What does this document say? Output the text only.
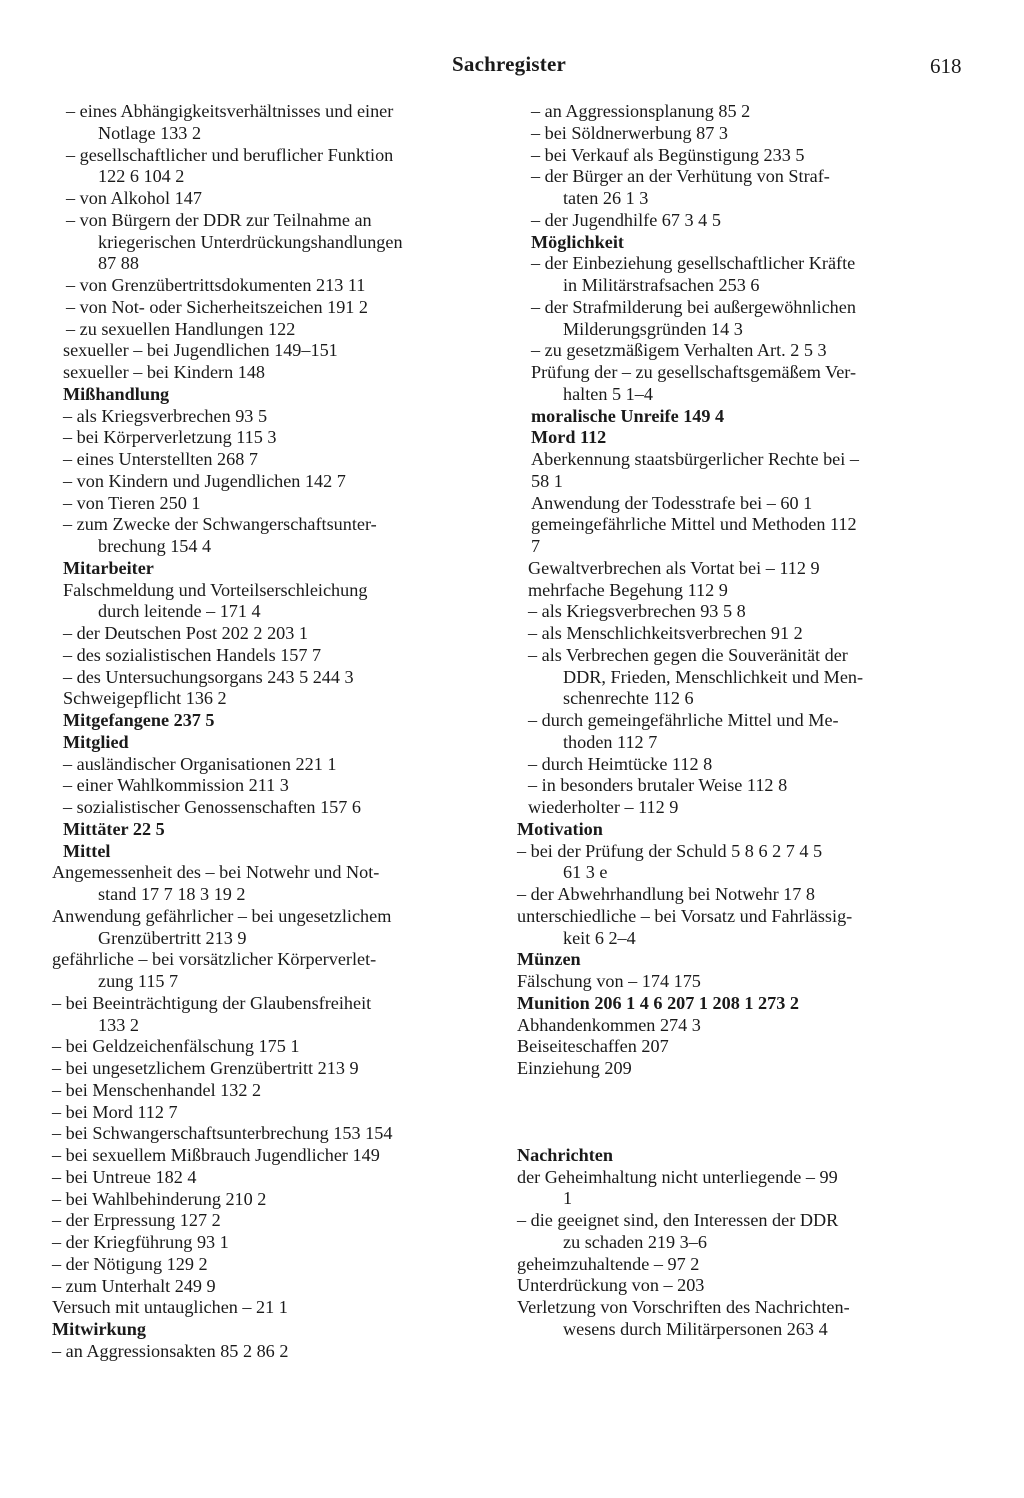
Sachregister	618
– eines Abhängigkeitsverhältnisses und einer
Notlage 133 2
– gesellschaftlicher und beruflicher Funktion
122 6 104 2
– von Alkohol 147
– von Bürgern der DDR zur Teilnahme an
kriegerischen Unterdrückungshandlungen
87 88
– von Grenzübertrittsdokumenten 213 11
– von Not- oder Sicherheitszeichen 191 2
– zu sexuellen Handlungen 122
sexueller – bei Jugendlichen 149–151
sexueller – bei Kindern 148
Mißhandlung
– als Kriegsverbrechen 93 5
– bei Körperverletzung 115 3
– eines Unterstellten 268 7
– von Kindern und Jugendlichen 142 7
– von Tieren 250 1
– zum Zwecke der Schwangerschaftsunter-
brechung 154 4
Mitarbeiter
Falschmeldung und Vorteilserschleichung
durch leitende – 171 4
– der Deutschen Post 202 2 203 1
– des sozialistischen Handels 157 7
– des Untersuchungsorgans 243 5 244 3
Schweigepflicht 136 2
Mitgefangene 237 5
Mitglied
– ausländischer Organisationen 221 1
– einer Wahlkommission 211 3
– sozialistischer Genossenschaften 157 6
Mittäter 22 5
Mittel
Angemessenheit des – bei Notwehr und Not-
stand 17 7 18 3 19 2
Anwendung gefährlicher – bei ungesetzlichem
Grenzübertritt 213 9
gefährliche – bei vorsätzlicher Körperverlet-
zung 115 7
– bei Beeinträchtigung der Glaubensfreiheit
133 2
– bei Geldzeichenfälschung 175 1
– bei ungesetzlichem Grenzübertritt 213 9
– bei Menschenhandel 132 2
– bei Mord 112 7
– bei Schwangerschaftsunterbrechung 153 154
– bei sexuellem Mißbrauch Jugendlicher 149
– bei Untreue 182 4
– bei Wahlbehinderung 210 2
– der Erpressung 127 2
– der Kriegführung 93 1
– der Nötigung 129 2
– zum Unterhalt 249 9
Versuch mit untauglichen – 21 1
Mitwirkung
– an Aggressionsakten 85 2 86 2
– an Aggressionsplanung 85 2
– bei Söldnerwerbung 87 3
– bei Verkauf als Begünstigung 233 5
– der Bürger an der Verhütung von Straf-
taten 26 1 3
– der Jugendhilfe 67 3 4 5
Möglichkeit
– der Einbeziehung gesellschaftlicher Kräfte
in Militärstrafsachen 253 6
– der Strafmilderung bei außergewöhnlichen
Milderungsgründen 14 3
– zu gesetzmäßigem Verhalten Art. 2 5 3
Prüfung der – zu gesellschaftsgemäßem Ver-
halten 5 1–4
moralische Unreife 149 4
Mord 112
Aberkennung staatsbürgerlicher Rechte bei –
58 1
Anwendung der Todesstrafe bei – 60 1
gemeingefährliche Mittel und Methoden 112
7
Gewaltverbrechen als Vortat bei – 112 9
mehrfache Begehung 112 9
– als Kriegsverbrechen 93 5 8
– als Menschlichkeitsverbrechen 91 2
– als Verbrechen gegen die Souveränität der
DDR, Frieden, Menschlichkeit und Men-
schenrechte 112 6
– durch gemeingefährliche Mittel und Me-
thoden 112 7
– durch Heimtücke 112 8
– in besonders brutaler Weise 112 8
wiederholter – 112 9
Motivation
– bei der Prüfung der Schuld 5 8 6 2 7 4 5
61 3 e
– der Abwehrhandlung bei Notwehr 17 8
unterschiedliche – bei Vorsatz und Fahrlässig-
keit 6 2–4
Münzen
Fälschung von – 174 175
Munition 206 1 4 6 207 1 208 1 273 2
Abhandenkommen 274 3
Beiseiteschaffen 207
Einziehung 209
Nachrichten
der Geheimhaltung nicht unterliegende – 99
1
– die geeignet sind, den Interessen der DDR
zu schaden 219 3–6
geheimzuhaltende – 97 2
Unterdrückung von – 203
Verletzung von Vorschriften des Nachrichten-
wesens durch Militärpersonen 263 4
